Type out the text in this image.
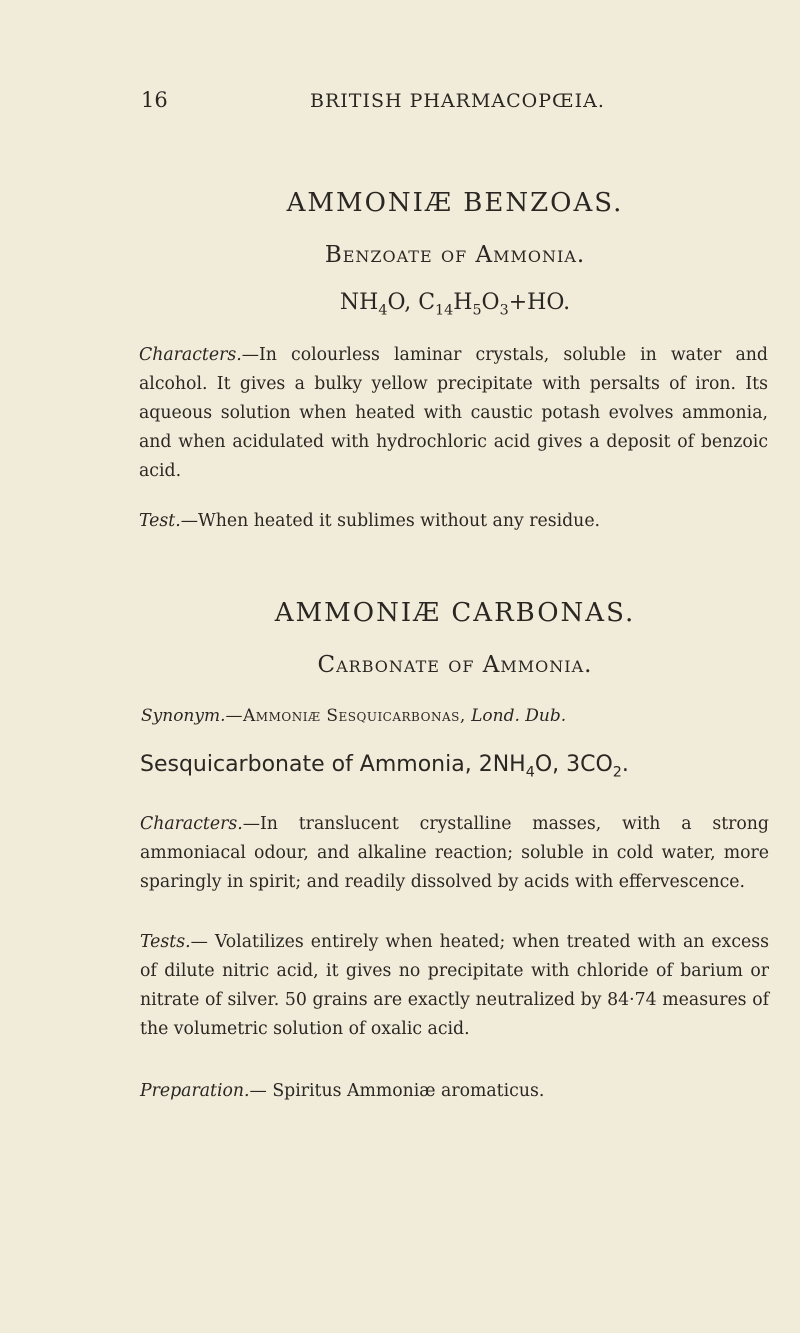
16	BRITISH PHARMACOPŒIA.
AMMONIÆ BENZOAS.
Benzoate of Ammonia.
$NH_4O$, $C_{14}H_5O_3+HO$.
Characters.—In colourless laminar crystals, soluble in water and alcohol. It gives a bulky yellow precipitate with persalts of iron. Its aqueous solution when heated with caustic potash evolves ammonia, and when acidulated with hydrochloric acid gives a deposit of benzoic acid.
Test.—When heated it sublimes without any residue.
AMMONIÆ CARBONAS.
Carbonate of Ammonia.
Synonym.—Ammoniæ Sesquicarbonas, Lond. Dub.
Sesquicarbonate of Ammonia, $2NH_4O$, $3CO_2$.
Characters.—In translucent crystalline masses, with a strong ammoniacal odour, and alkaline reaction; soluble in cold water, more sparingly in spirit; and readily dissolved by acids with effervescence.
Tests.— Volatilizes entirely when heated; when treated with an excess of dilute nitric acid, it gives no precipitate with chloride of barium or nitrate of silver. 50 grains are exactly neutralized by 84·74 measures of the volumetric solution of oxalic acid.
Preparation.— Spiritus Ammoniæ aromaticus.
